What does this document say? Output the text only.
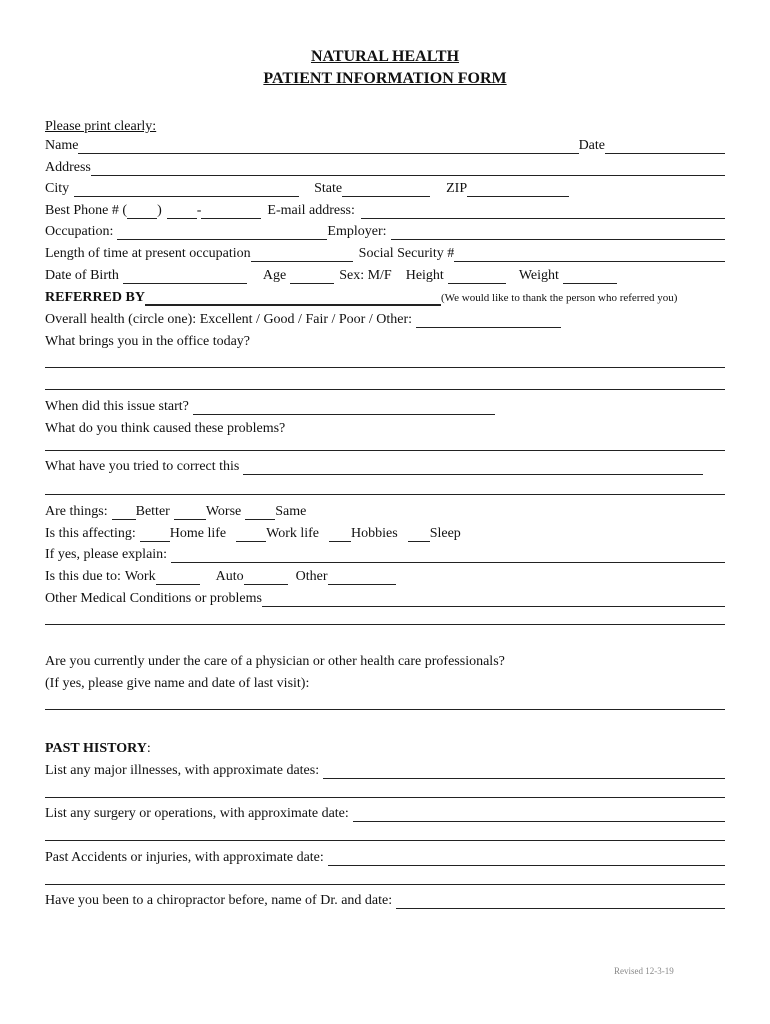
NATURAL HEALTH
PATIENT INFORMATION FORM
Please print clearly:
Name	Date
Address
City	State	ZIP
Best Phone # ( )	-	E-mail address:
Occupation:	Employer:
Length of time at present occupation	Social Security #
Date of Birth	Age	Sex: M/F Height	Weight
REFERRED BY	(We would like to thank the person who referred you)
Overall health (circle one): Excellent / Good / Fair / Poor / Other:
What brings you in the office today?
When did this issue start?
What do you think caused these problems?
What have you tried to correct this
Are things: Better	Worse Same
Is this affecting: Home life	Work life Hobbies Sleep
If yes, please explain:
Is this due to: Work	Auto	Other
Other Medical Conditions or problems
Are you currently under the care of a physician or other health care professionals?
(If yes, please give name and date of last visit):
PAST HISTORY :
List any major illnesses, with approximate dates:
List any surgery or operations, with approximate date:
Past Accidents or injuries, with approximate date:
Have you been to a chiropractor before, name of Dr. and date:
Revised 12-3-19
